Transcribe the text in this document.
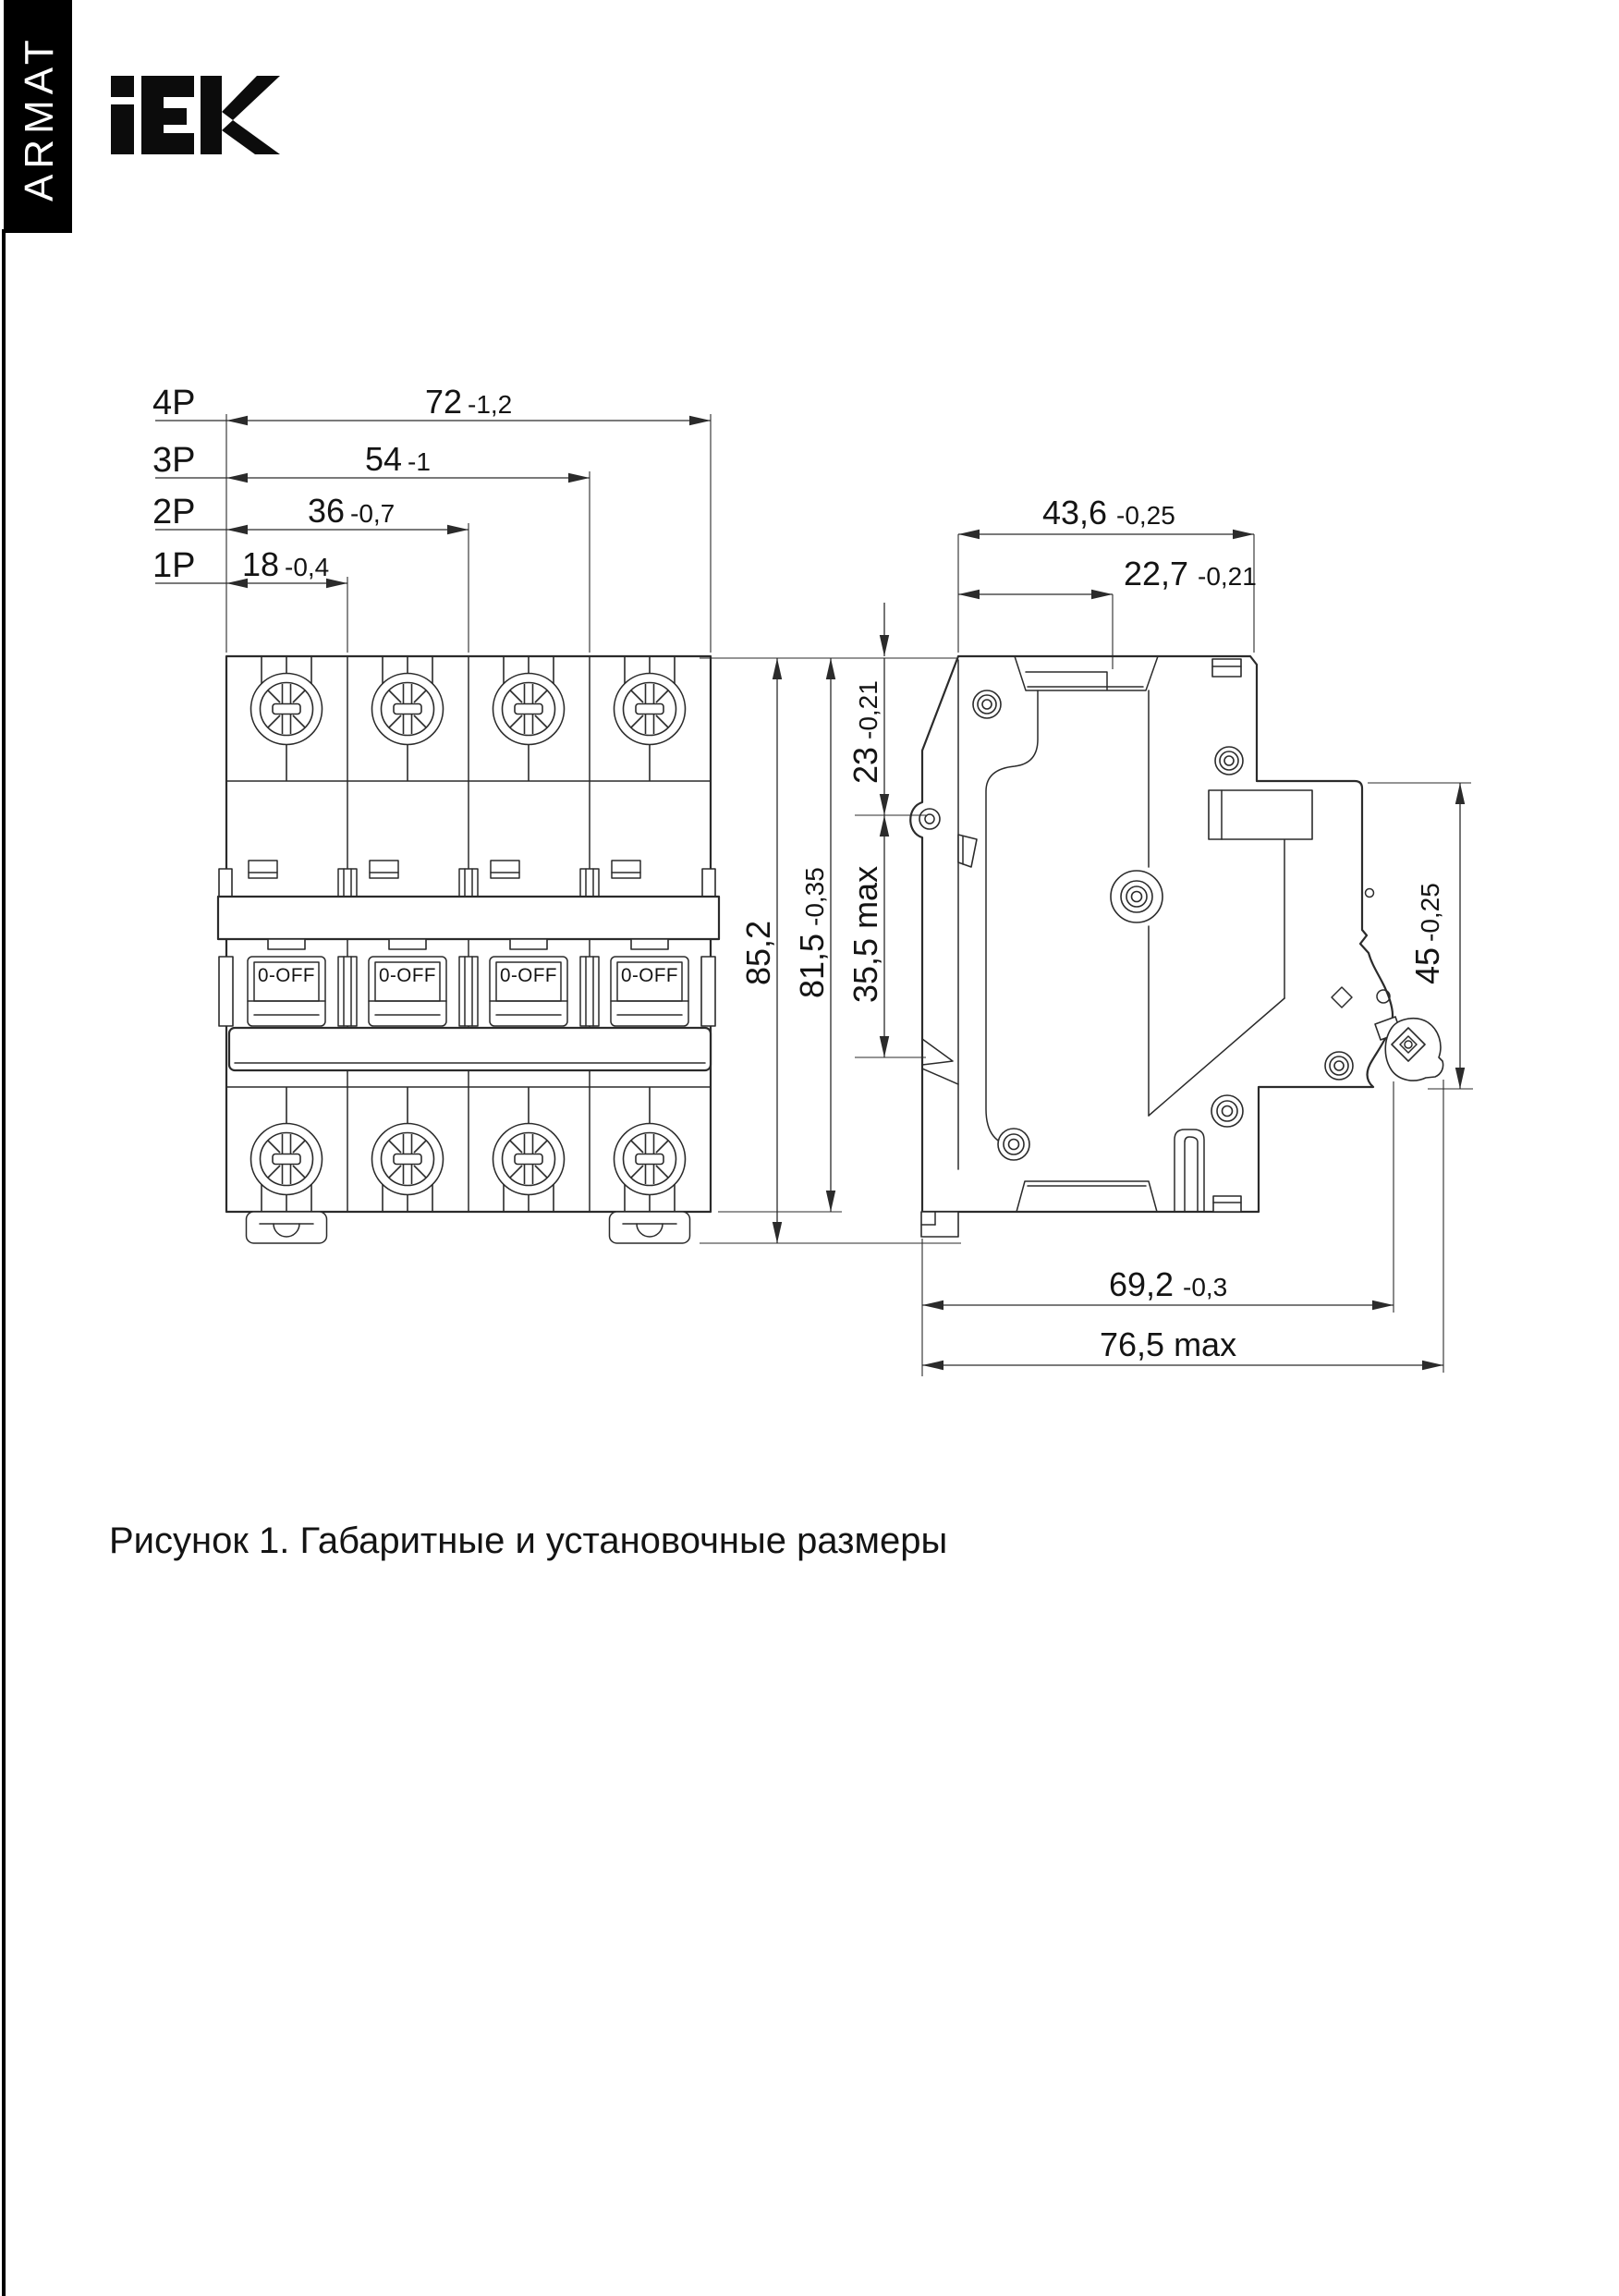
ARMAT
0-OFF	0-OFF	0-OFF	0-OFF
4P	72 -1,2
3P	54 -1
2P	36 -0,7
1P 18 -0,4
85,2 81,5
-0,35
43,6 -0,25
22,7 -0,21
23
-0,21
35,5 max	45
-0,25
69,2 -0,3
76,5 max
Рисунок 1. Габаритные и установочные размеры
